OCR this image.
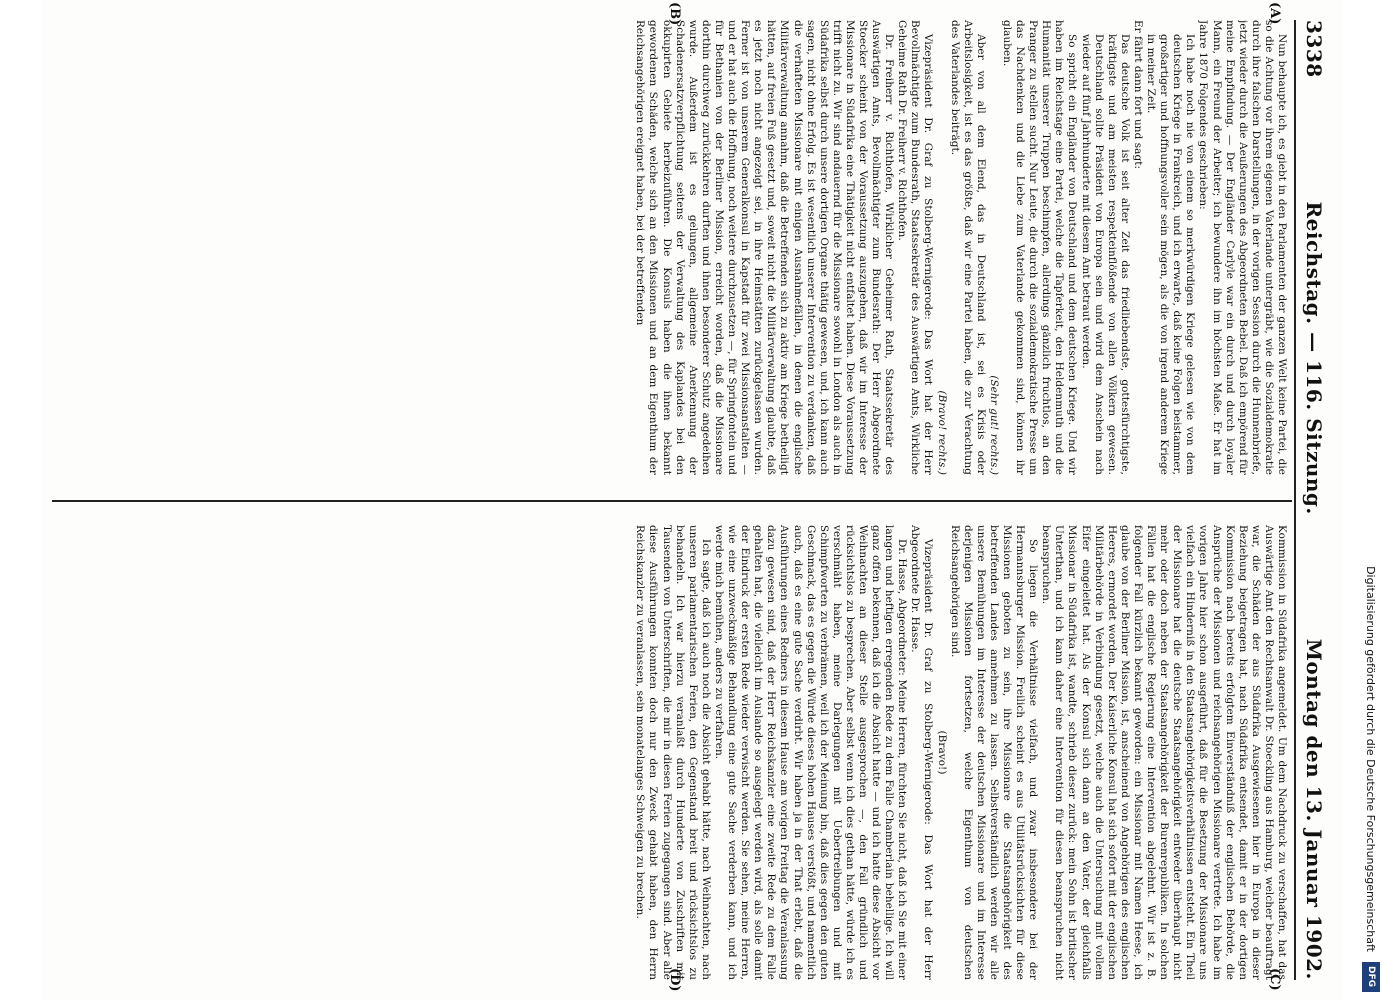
3338
Reichstag. — 116. Sitzung.
Montag den 13. Januar 1902.

Nun behaupte ich, es giebt in den Parlamenten der ganzen Welt keine Partei, die so die Achtung vor ihrem eigenen Vaterlande untergräbt, wie die Sozialdemokratie durch ihre falschen Darstellungen, in der vorigen Session durch die Hunnenbriefe, jetzt wieder durch die Aeußerungen des Abgeordneten Bebel. Daß ich empörend für meine Empfindung. — Der Engländer Carlyle war ein durch und durch loyaler Mann, ein Freund der Arbeiter; ich bewundere ihn im höchsten Maße. Er hat im Jahre 1870 Folgendes geschrieben:

Ich habe noch nie von einem so merkwürdigen Kriege gelesen wie von dem deutschen Kriege in Frankreich, und ich erwarte, daß keine Folgen beistammer, großartiger und hoffnungsvoller sein mögen, als die von irgend anderem Kriege in meiner Zeit.

Er fährt dann fort und sagt:

Das deutsche Volk ist seit alter Zeit das friedliebendste, gottesfürchtigste, kräftigste und am meisten respekteinflößende von allen Völkern gewesen. Deutschland sollte Präsident von Europa sein und wird dem Anschein nach wieder auf fünf Jahrhunderte mit diesem Amt betraut werden.

So spricht ein Engländer von Deutschland und dem deutschen Kriege. Und wir haben im Reichstage eine Partei, welche die Tapferkeit, den Heldenmuth und die Humanität unserer Truppen beschimpfen, allerdings gänzlich fruchtlos, an den Pranger zu stellen sucht. Nur Leute, die durch die sozialdemokratische Presse um das Nachdenken und die Liebe zum Vaterlande gekommen sind, können ihr glauben.

(Sehr gut! rechts.)

Aber von all dem Elend, das in Deutschland ist, sei es Krisis oder Arbeitslosigkeit, ist es das größte, daß wir eine Partei haben, die zur Verachtung des Vaterlandes beiträgt.

(Bravo! rechts.)

Vizepräsident Dr. Graf zu Stolberg-Wernigerode: Das Wort hat der Herr Bevollmächtigte zum Bundesrath, Staatssekretär des Auswärtigen Amts, Wirkliche Geheime Rath Dr. Freiherr v. Richthofen.

Dr. Freiherr v. Richthofen, Wirklicher Geheimer Rath, Staatssekretär des Auswärtigen Amts, Bevollmächtigter zum Bundesrath: Der Herr Abgeordnete Stoecker scheint von der Voraussetzung auszugehen, daß wir im Interesse der Missionare in Südafrika eine Thätigkeit nicht entfaltet haben. Diese Voraussetzung trifft nicht zu. Wir sind andauernd für die Missionare sowohl in London als auch in Südafrika selbst durch unsere dortigen Organe thätig gewesen, und, ich kann auch sagen, nicht ohne Erfolg. Es ist wesentlich unserer Intervention zu verdanken, daß die verhafteten Missionare mit einigen Ausnahmefällen, in denen die englische Militärverwaltung annahm, daß die Betreffenden sich zu aktiv am Kriege betheiligt hätten, auf freien Fuß gesetzt und, soweit nicht die Militärverwaltung glaubte, daß es jetzt noch nicht angezeigt sei, in ihre Heimstätten zurückgelassen wurden. Ferner ist von unserem Generalkonsul in Kapstadt für zwei Missionsanstalten — und er hat auch die Hoffnung, noch weitere durchzusetzen —, für Springfontein und für Bethanien von der Berliner Mission, erreicht worden, daß die Missionare dorthin durchweg zurückkehren durften und ihnen besonderer Schutz angedeihen wurde. Außerdem ist es gelungen, allgemeine Anerkennung der Schadenersatzverpflichtung seitens der Verwaltung des Kaplandes bei den okkupirten Gebiete herbeizuführen. Die Konsuls haben die ihnen bekannt gewordenen Schäden, welche sich an den Missionen und an dem Eigenthum der Reichsangehörigen ereignet haben, bei der betreffenden

Kommission in Südafrika angemeldet. Um dem Nachdruck zu verschaffen, hat das Auswärtige Amt den Rechtsanwalt Dr. Stoeckling aus Hamburg, welcher beauftragt war, die Schäden der aus Südafrika Ausgewiesenen hier in Europa in dieser Beziehung beigetragen hat, nach Südafrika entsendet, damit er in der dortigen Kommission nach bereits erfolgtem Einverständniß der englischen Behörde, die Ansprüche der Missionen und reichsangehörigen Missionare vertrete. Ich habe im vorigen Jahre hier schon ausgeführt, daß für die Besetzung der Missionare uns vielfach ein Hinderniß in den Staatsangehörigkeitsverhältnissen entsteht. Ein Theil der Missionare hat die deutsche Staatsangehörigkeit entweder überhaupt nicht mehr oder doch neben der Staatsangehörigkeit der Burenrepubliken. In solchen Fällen hat die englische Regierung eine Intervention abgelehnt. Wir ist z. B. folgender Fall kürzlich bekannt geworden: ein Missionar mit Namen Heese, ich glaube von der Berliner Mission, ist, anscheinend von Angehörigen des englischen Heeres, ermordet worden. Der Kaiserliche Konsul hat sich sofort mit der englischen Militärbehörde in Verbindung gesetzt, welche auch die Untersuchung mit vollem Eifer eingeleitet hat. Als der Konsul sich dann an den Vater, der gleichfalls Missionar in Südafrika ist, wandte, schrieb dieser zurück: mein Sohn ist britischer Unterthan, und ich kann daher eine Intervention für diesen beanspruchen nicht beanspruchen.

So liegen die Verhältnisse vielfach, und zwar insbesondere bei der Hermannsburger Mission. Freilich scheint es aus Utilitätsrücksichten für diese Missionen geboten zu sein, ihre Missionare die Staatsangehörigkeit des betreffenden Landes annehmen zu lassen. Selbstverständlich werden wir alle unsere Bemühungen im Interesse der deutschen Missionare und im Interesse derjenigen Missionen fortsetzen, welche Eigenthum von deutschen Reichsangehörigen sind.

(Bravo!)

Vizepräsident Dr. Graf zu Stolberg-Wernigerode: Das Wort hat der Herr Abgeordnete Dr. Hasse.

Dr. Hasse, Abgeordneter: Meine Herren, fürchten Sie nicht, daß ich Sie mit einer langen und heftigen erregenden Rede zu dem Falle Chamberlain behellige. Ich will ganz offen bekennen, daß ich die Absicht hatte — und ich hatte diese Absicht vor Weihnachten an dieser Stelle ausgesprochen —, den Fall gründlich und rücksichtslos zu besprechen. Aber selbst wenn ich dies gethan hätte, würde ich es verschmäht haben, meine Darlegungen mit Uebertreibungen und mit Schimpfworten zu verbrämen, weil ich der Meinung bin, daß dies gegen den guten Geschmack, das es gegen die Würde dieses hohen Hauses verstößt, und namentlich auch, daß es eine gute Sache verdirbt. Wir haben ja in der That erlebt, daß die Ausführungen eines Redners in diesem Hause am vorigen Freitag die Veranlassung dazu gewesen sind, daß der Herr Reichskanzler eine zweite Rede zu dem Falle gehalten hat, die vielleicht im Auslande so ausgelegt werden wird, als solle damit der Eindruck der ersten Rede wieder verwischt werden. Sie sehen, meine Herren, wie eine unzweckmäßige Behandlung eine gute Sache verderben kann, und ich werde mich bemühen, anders zu verfahren.

Ich sagte, daß ich auch noch die Absicht gehabt hätte, nach Weihnachten, nach unseren parlamentarischen Ferien, den Gegenstand breit und rücksichtslos zu behandeln. Ich war hierzu veranlaßt durch Hunderte von Zuschriften mit Tausenden von Unterschriften, die mir in diesen Ferien zugegangen sind. Aber alle diese Ausführungen konnten doch nur den Zweck gehabt haben, den Herrn Reichskanzler zu veranlassen, sein monatelanges Schweigen zu brechen.

(A)
(B)
(C)
(D)
Digitalisierung gefördert durch die Deutsche Forschungsgemeinschaft
DFG
